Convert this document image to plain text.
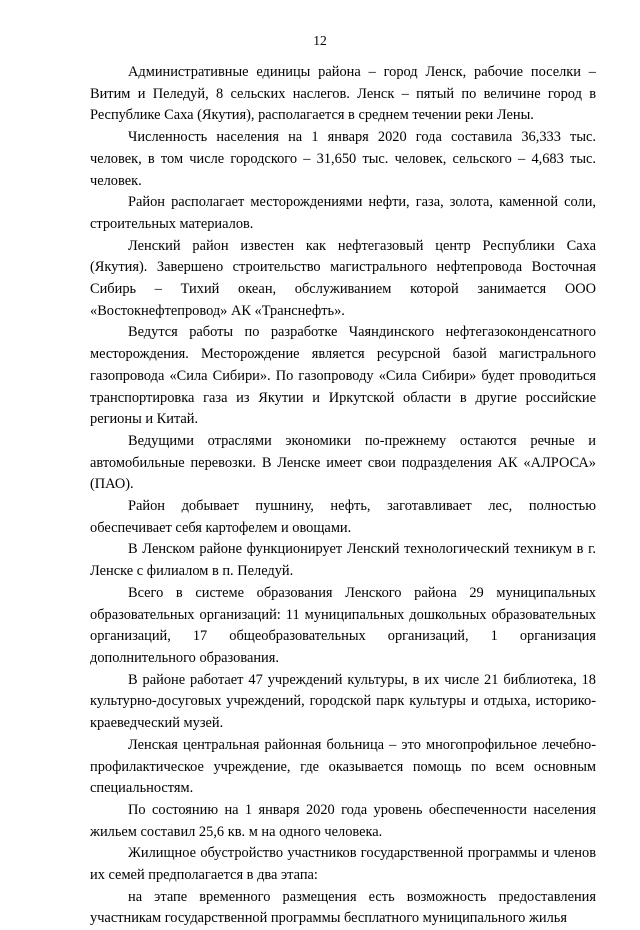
12

Административные единицы района – город Ленск, рабочие поселки – Витим и Пеледуй, 8 сельских наслегов. Ленск – пятый по величине город в Республике Саха (Якутия), располагается в среднем течении реки Лены.

Численность населения на 1 января 2020 года составила 36,333 тыс. человек, в том числе городского – 31,650 тыс. человек, сельского – 4,683 тыс. человек.

Район располагает месторождениями нефти, газа, золота, каменной соли, строительных материалов.

Ленский район известен как нефтегазовый центр Республики Саха (Якутия). Завершено строительство магистрального нефтепровода Восточная Сибирь – Тихий океан, обслуживанием которой занимается ООО «Востокнефтепровод» АК «Транснефть».

Ведутся работы по разработке Чаяндинского нефтегазоконденсатного месторождения. Месторождение является ресурсной базой магистрального газопровода «Сила Сибири». По газопроводу «Сила Сибири» будет проводиться транспортировка газа из Якутии и Иркутской области в другие российские регионы и Китай.

Ведущими отраслями экономики по-прежнему остаются речные и автомобильные перевозки. В Ленске имеет свои подразделения АК «АЛРОСА» (ПАО).

Район добывает пушнину, нефть, заготавливает лес, полностью обеспечивает себя картофелем и овощами.

В Ленском районе функционирует Ленский технологический техникум в г. Ленске с филиалом в п. Пеледуй.

Всего в системе образования Ленского района 29 муниципальных образовательных организаций: 11 муниципальных дошкольных образовательных организаций, 17 общеобразовательных организаций, 1 организация дополнительного образования.

В районе работает 47 учреждений культуры, в их числе 21 библиотека, 18 культурно-досуговых учреждений, городской парк культуры и отдыха, историко-краеведческий музей.

Ленская центральная районная больница – это многопрофильное лечебно-профилактическое учреждение, где оказывается помощь по всем основным специальностям.

По состоянию на 1 января 2020 года уровень обеспеченности населения жильем составил 25,6 кв. м на одного человека.

Жилищное обустройство участников государственной программы и членов их семей предполагается в два этапа:

на этапе временного размещения есть возможность предоставления участникам государственной программы бесплатного муниципального жилья
